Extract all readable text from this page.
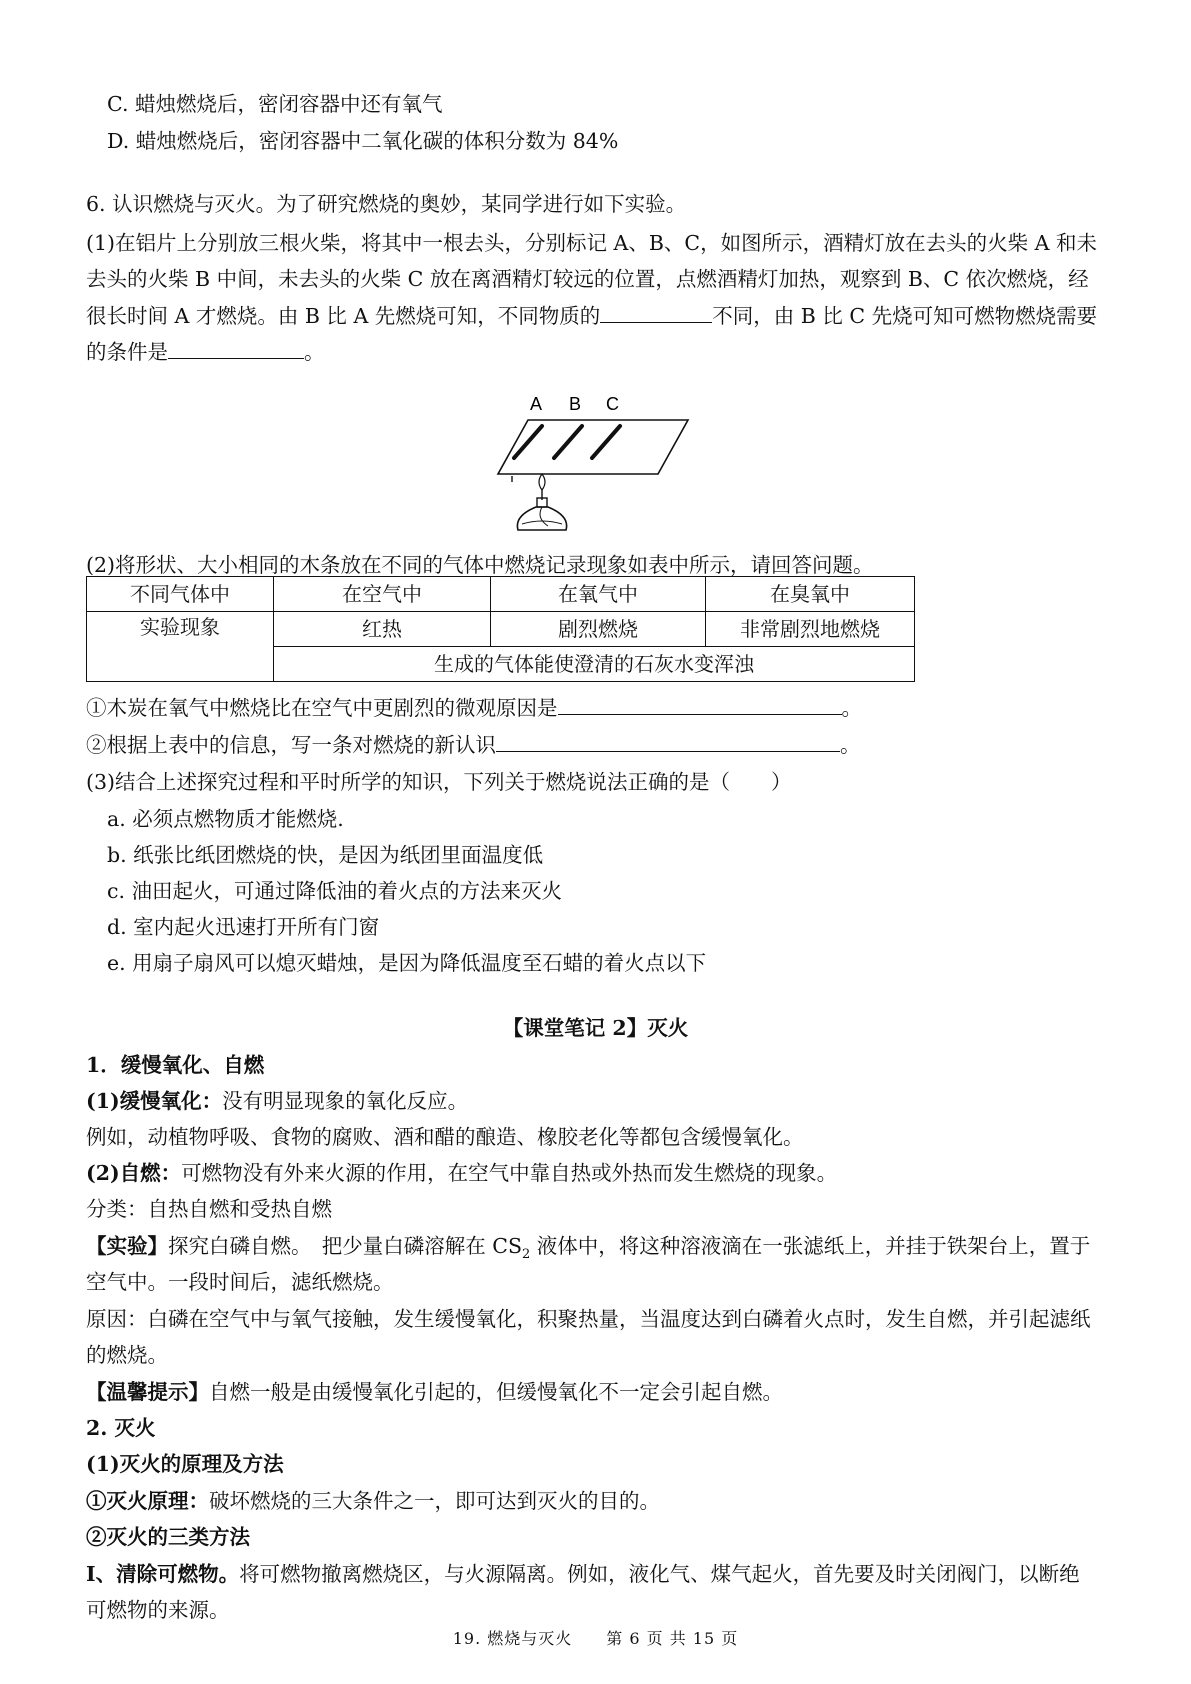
C. 蜡烛燃烧后，密闭容器中还有氧气
D. 蜡烛燃烧后，密闭容器中二氧化碳的体积分数为 84%
6. 认识燃烧与灭火。为了研究燃烧的奥妙，某同学进行如下实验。
(1)在铝片上分别放三根火柴，将其中一根去头，分别标记 A、B、C，如图所示，酒精灯放在去头的火柴 A 和未
去头的火柴 B 中间，未去头的火柴 C 放在离酒精灯较远的位置，点燃酒精灯加热，观察到 B、C 依次燃烧，经
很长时间 A 才燃烧。由 B 比 A 先燃烧可知，不同物质的	不同，由 B 比 C 先烧可知可燃物燃烧需要
的条件是	。
A B C
(2)将形状、大小相同的木条放在不同的气体中燃烧记录现象如表中所示，请回答问题。
不同气体中	在空气中	在氧气中	在臭氧中
实验现象	红热	剧烈燃烧	非常剧烈地燃烧
	生成的气体能使澄清的石灰水变浑浊		
①木炭在氧气中燃烧比在空气中更剧烈的微观原因是	。
②根据上表中的信息，写一条对燃烧的新认识	。
(3)结合上述探究过程和平时所学的知识，下列关于燃烧说法正确的是（　　）
a. 必须点燃物质才能燃烧.
b. 纸张比纸团燃烧的快，是因为纸团里面温度低
c. 油田起火，可通过降低油的着火点的方法来灭火
d. 室内起火迅速打开所有门窗
e. 用扇子扇风可以熄灭蜡烛，是因为降低温度至石蜡的着火点以下
【课堂笔记 2】灭火
1．缓慢氧化、自燃
(1)缓慢氧化：没有明显现象的氧化反应。
例如，动植物呼吸、食物的腐败、酒和醋的酿造、橡胶老化等都包含缓慢氧化。
(2)自燃：可燃物没有外来火源的作用，在空气中靠自热或外热而发生燃烧的现象。
分类：自热自燃和受热自燃
【实验】探究白磷自燃。　把少量白磷溶解在 $CS_2$ 液体中，将这种溶液滴在一张滤纸上，并挂于铁架台上，置于
空气中。一段时间后，滤纸燃烧。
原因：白磷在空气中与氧气接触，发生缓慢氧化，积聚热量，当温度达到白磷着火点时，发生自燃，并引起滤纸
的燃烧。
【温馨提示】自燃一般是由缓慢氧化引起的，但缓慢氧化不一定会引起自燃。
2. 灭火
(1)灭火的原理及方法
①灭火原理：破坏燃烧的三大条件之一，即可达到灭火的目的。
②灭火的三类方法
I、清除可燃物。将可燃物撤离燃烧区，与火源隔离。例如，液化气、煤气起火，首先要及时关闭阀门，以断绝
可燃物的来源。
19. 燃烧与灭火　　第 6 页 共 15 页
